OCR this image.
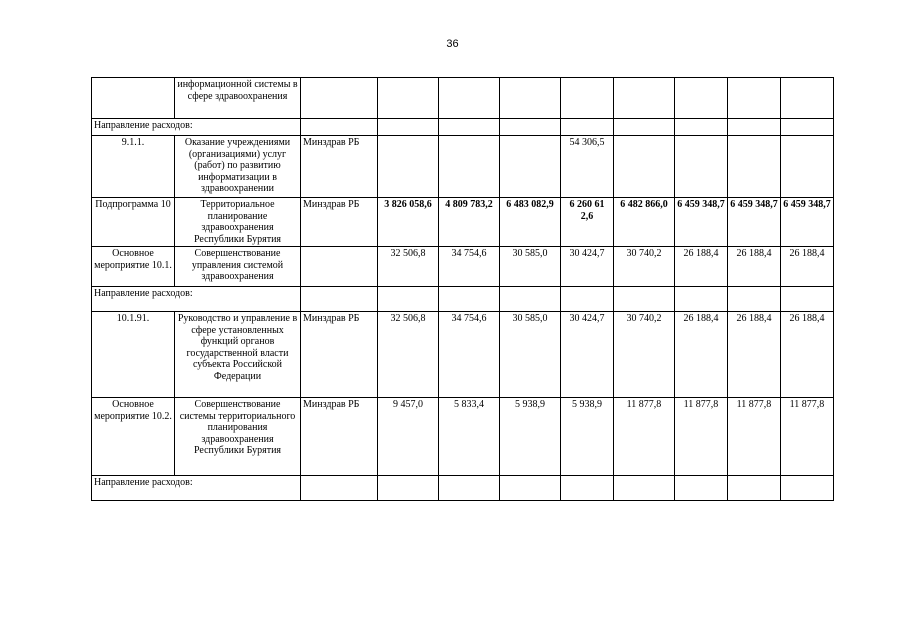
36
	информационной системы в сфере здравоохранения									
Направление расходов:										
9.1.1.	Оказание учреждениями (организациями) услуг (работ) по развитию информатизации в здравоохранении	Минздрав РБ				54 306,5				
Подпрограмма 10	Территориальное планирование здравоохранения Республики Бурятия	Минздрав РБ	3 826 058,6	4 809 783,2	6 483 082,9	6 260 61 2,6	6 482 866,0	6 459 348,7	6 459 348,7	6 459 348,7
Основное мероприятие 10.1.	Совершенствование управления системой здравоохранения		32 506,8	34 754,6	30 585,0	30 424,7	30 740,2	26 188,4	26 188,4	26 188,4
Направление расходов:										
10.1.91.	Руководство и управление в сфере установленных функций органов государственной власти субъекта Российской Федерации	Минздрав РБ	32 506,8	34 754,6	30 585,0	30 424,7	30 740,2	26 188,4	26 188,4	26 188,4
Основное мероприятие 10.2.	Совершенствование системы территориального планирования здравоохранения Республики Бурятия	Минздрав РБ	9 457,0	5 833,4	5 938,9	5 938,9	11 877,8	11 877,8	11 877,8	11 877,8
Направление расходов:										
